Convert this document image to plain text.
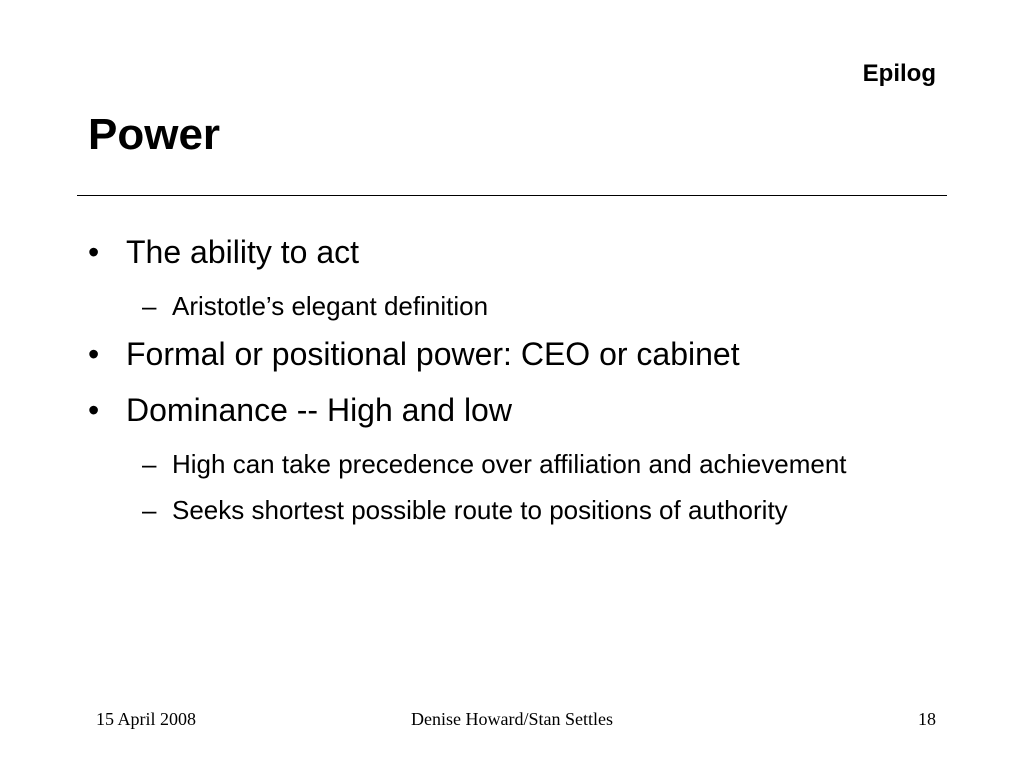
Epilog
Power
• The ability to act
– Aristotle’s elegant definition
• Formal or positional power: CEO or cabinet
• Dominance -- High and low
– High can take precedence over affiliation and achievement
– Seeks shortest possible route to positions of authority
15 April 2008	Denise Howard/Stan Settles	18
